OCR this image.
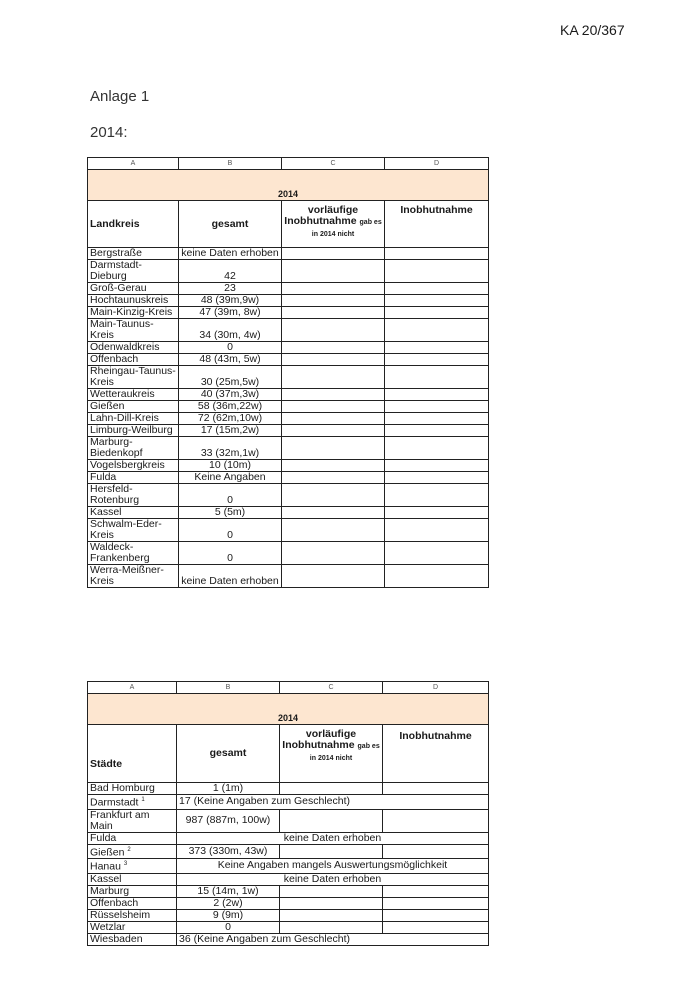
KA 20/367
Anlage 1
2014:
A	B	C	D
2014			
Landkreis	gesamt	vorläufige Inobhutnahme gab es in 2014 nicht	Inobhutnahme
Bergstraße	keine Daten erhoben		
Darmstadt-Dieburg	42		
Groß-Gerau	23		
Hochtaunuskreis	48 (39m,9w)		
Main-Kinzig-Kreis	47 (39m, 8w)		
Main-Taunus-Kreis	34 (30m, 4w)		
Odenwaldkreis	0		
Offenbach	48 (43m, 5w)		
Rheingau-Taunus-Kreis	30 (25m,5w)		
Wetteraukreis	40 (37m,3w)		
Gießen	58 (36m,22w)		
Lahn-Dill-Kreis	72 (62m,10w)		
Limburg-Weilburg	17 (15m,2w)		
Marburg-Biedenkopf	33 (32m,1w)		
Vogelsbergkreis	10 (10m)		
Fulda	Keine Angaben		
Hersfeld-Rotenburg	0		
Kassel	5 (5m)		
Schwalm-Eder-Kreis	0		
Waldeck-Frankenberg	0		
Werra-Meißner-Kreis	keine Daten erhoben		
A	B	C	D
2014			
Städte	gesamt	vorläufige Inobhutnahme gab es in 2014 nicht	Inobhutnahme
Bad Homburg	1 (1m)		
Darmstadt $^1$	17 (Keine Angaben zum Geschlecht)		
Frankfurt am Main	987 (887m, 100w)		
Fulda	keine Daten erhoben		
Gießen $^2$	373 (330m, 43w)		
Hanau $^3$	Keine Angaben mangels Auswertungsmöglichkeit		
Kassel	keine Daten erhoben		
Marburg	15 (14m, 1w)		
Offenbach	2 (2w)		
Rüsselsheim	9 (9m)		
Wetzlar	0		
Wiesbaden	36 (Keine Angaben zum Geschlecht)		
